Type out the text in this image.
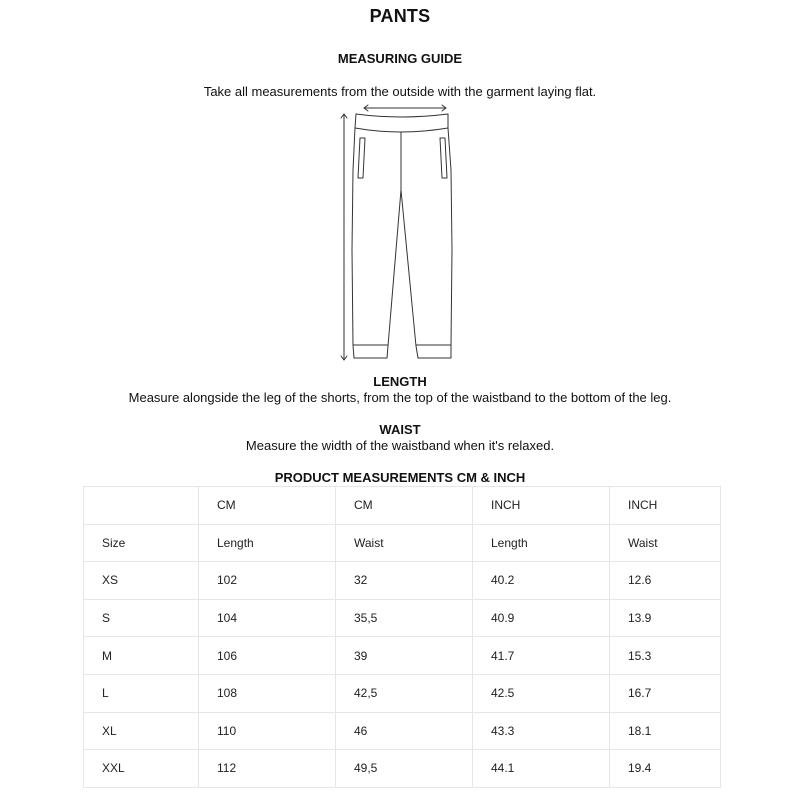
PANTS
MEASURING GUIDE
Take all measurements from the outside with the garment laying flat.
LENGTH
Measure alongside the leg of the shorts, from the top of the waistband to the bottom of the leg.
WAIST
Measure the width of the waistband when it's relaxed.
PRODUCT MEASUREMENTS CM & INCH
	CM	CM	INCH	INCH
Size	Length	Waist	Length	Waist
XS	102	32	40.2	12.6
S	104	35,5	40.9	13.9
M	106	39	41.7	15.3
L	108	42,5	42.5	16.7
XL	110	46	43.3	18.1
XXL	112	49,5	44.1	19.4
